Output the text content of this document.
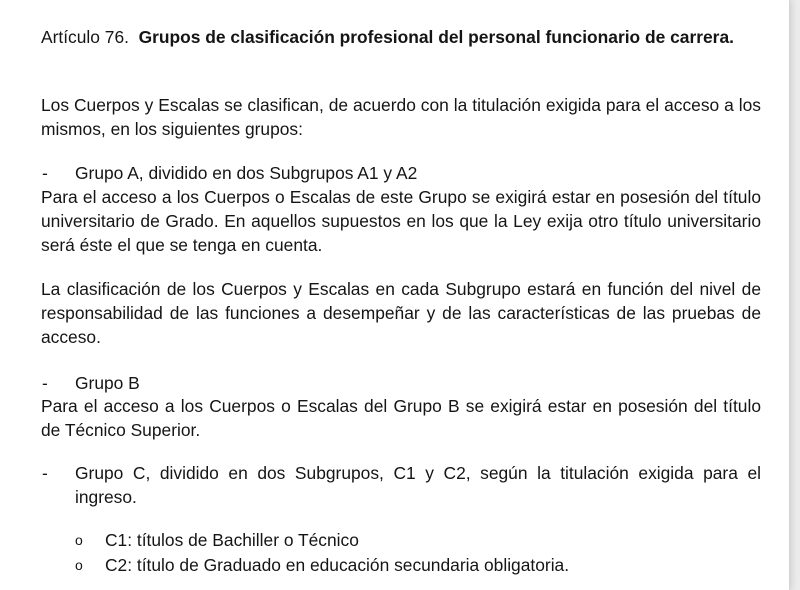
Artículo 76. Grupos de clasificación profesional del personal funcionario de carrera.

Los Cuerpos y Escalas se clasifican, de acuerdo con la titulación exigida para el acceso a los mismos, en los siguientes grupos:

- Grupo A, dividido en dos Subgrupos A1 y A2

Para el acceso a los Cuerpos o Escalas de este Grupo se exigirá estar en posesión del título universitario de Grado. En aquellos supuestos en los que la Ley exija otro título universitario será éste el que se tenga en cuenta.

La clasificación de los Cuerpos y Escalas en cada Subgrupo estará en función del nivel de responsabilidad de las funciones a desempeñar y de las características de las pruebas de acceso.

- Grupo B

Para el acceso a los Cuerpos o Escalas del Grupo B se exigirá estar en posesión del título de Técnico Superior.

- Grupo C, dividido en dos Subgrupos, C1 y C2, según la titulación exigida para el ingreso.
o C1: títulos de Bachiller o Técnico
o C2: título de Graduado en educación secundaria obligatoria.
